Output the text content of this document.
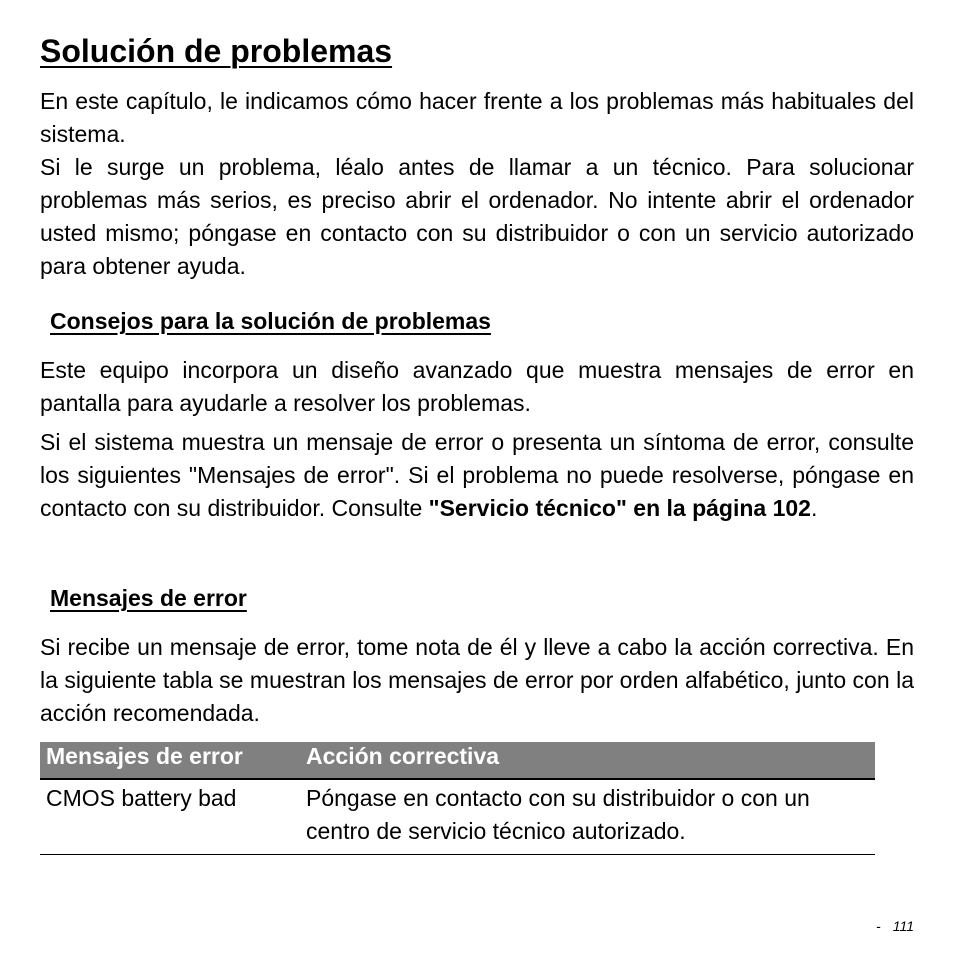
Solución de problemas

En este capítulo, le indicamos cómo hacer frente a los problemas más habituales del sistema.

Si le surge un problema, léalo antes de llamar a un técnico. Para solucionar problemas más serios, es preciso abrir el ordenador. No intente abrir el ordenador usted mismo; póngase en contacto con su distribuidor o con un servicio autorizado para obtener ayuda.

Consejos para la solución de problemas

Este equipo incorpora un diseño avanzado que muestra mensajes de error en pantalla para ayudarle a resolver los problemas.

Si el sistema muestra un mensaje de error o presenta un síntoma de error, consulte los siguientes "Mensajes de error". Si el problema no puede resolverse, póngase en contacto con su distribuidor. Consulte "Servicio técnico" en la página 102.

Mensajes de error

Si recibe un mensaje de error, tome nota de él y lleve a cabo la acción correctiva. En la siguiente tabla se muestran los mensajes de error por orden alfabético, junto con la acción recomendada.

Mensajes de error	Acción correctiva
CMOS battery bad	Póngase en contacto con su distribuidor o con un centro de servicio técnico autorizado.
- 111
